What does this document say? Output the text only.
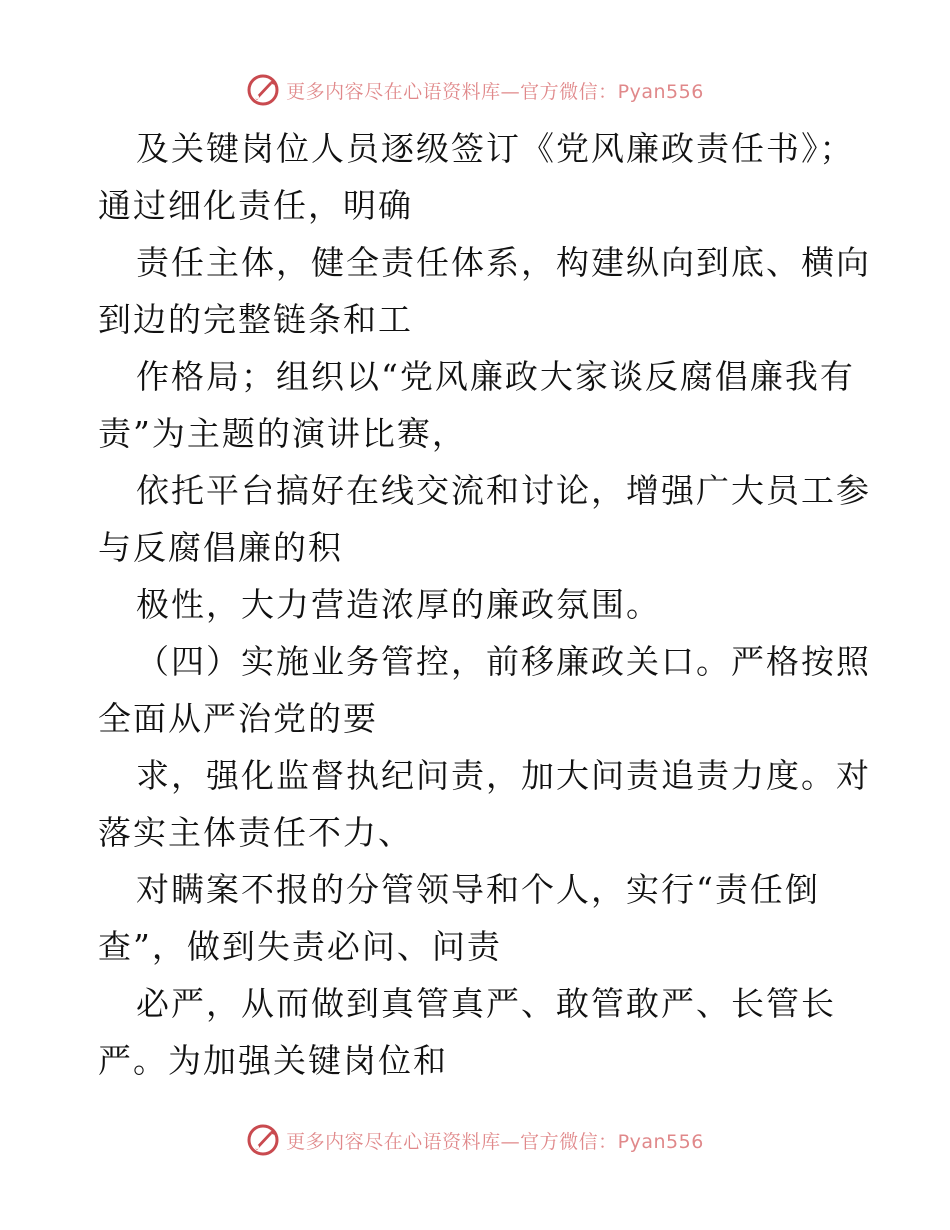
更多内容尽在心语资料库—官方微信：Pyan556
及关键岗位人员逐级签订《党风廉政责任书》；
通过细化责任，明确
责任主体，健全责任体系，构建纵向到底、横向
到边的完整链条和工
作格局；组织以“党风廉政大家谈反腐倡廉我有
责”为主题的演讲比赛，
依托平台搞好在线交流和讨论，增强广大员工参
与反腐倡廉的积
极性，大力营造浓厚的廉政氛围。
（四）实施业务管控，前移廉政关口。严格按照
全面从严治党的要
求，强化监督执纪问责，加大问责追责力度。对
落实主体责任不力、
对瞒案不报的分管领导和个人，实行“责任倒
查”，做到失责必问、问责
必严，从而做到真管真严、敢管敢严、长管长
严。为加强关键岗位和
更多内容尽在心语资料库—官方微信：Pyan556
